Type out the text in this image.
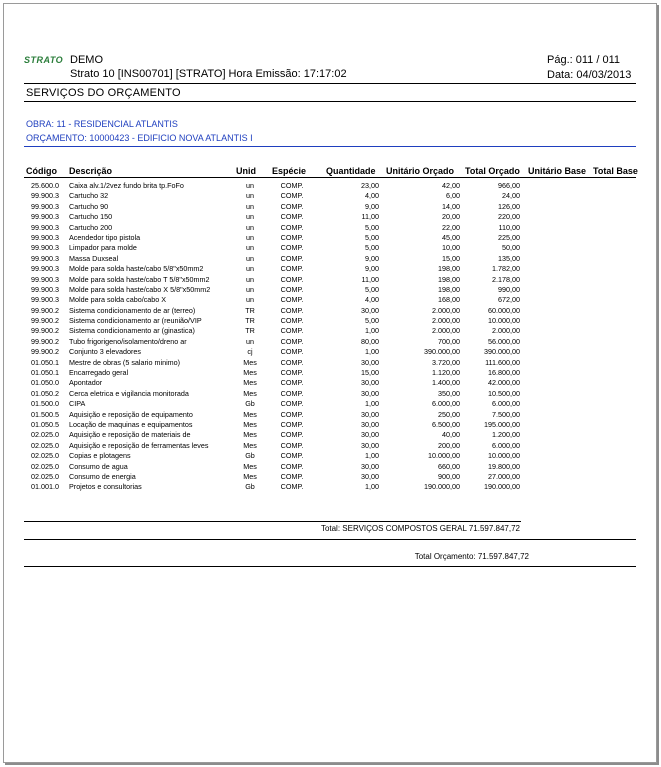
STRATO DEMO
Strato 10 [INS00701] [STRATO] Hora Emissão: 17:17:02
Pág.: 011 / 011
Data: 04/03/2013
SERVIÇOS DO ORÇAMENTO
OBRA: 11 - RESIDENCIAL ATLANTIS
ORÇAMENTO: 10000423 - EDIFICIO NOVA ATLANTIS I
Código Descrição	Unid Espécie Quantidade Unitário Orçado Total Orçado Unitário Base Total Base
25.600.0 Caixa alv.1/2vez fundo brita tp.FoFo	un	COMP.	23,00	42,00	966,00
99.900.3 Cartucho 32	un	COMP.	4,00	6,00	24,00
99.900.3 Cartucho 90	un	COMP.	9,00	14,00	126,00
99.900.3 Cartucho 150	un	COMP.	11,00	20,00	220,00
99.900.3 Cartucho 200	un	COMP.	5,00	22,00	110,00
99.900.3 Acendedor tipo pistola	un	COMP.	5,00	45,00	225,00
99.900.3 Limpador para molde	un	COMP.	5,00	10,00	50,00
99.900.3 Massa Duxseal	un	COMP.	9,00	15,00	135,00
99.900.3 Molde para solda haste/cabo 5/8"x50mm2	un	COMP.	9,00	198,00	1.782,00
99.900.3 Molde para solda haste/cabo T 5/8"x50mm2	un	COMP.	11,00	198,00	2.178,00
99.900.3 Molde para solda haste/cabo X 5/8"x50mm2	un	COMP.	5,00	198,00	990,00
99.900.3 Molde para solda cabo/cabo X	un	COMP.	4,00	168,00	672,00
99.900.2 Sistema condicionamento de ar (terreo)	TR	COMP.	30,00	2.000,00	60.000,00
99.900.2 Sistema condicionamento ar (reunião/VIP	TR	COMP.	5,00	2.000,00	10.000,00
99.900.2 Sistema condicionamento ar (ginastica)	TR	COMP.	1,00	2.000,00	2.000,00
99.900.2 Tubo frigorigeno/isolamento/dreno ar	un	COMP.	80,00	700,00	56.000,00
99.900.2 Conjunto 3 elevadores	cj	COMP.	1,00	390.000,00	390.000,00
01.050.1 Mestre de obras (5 salario minimo)	Mes	COMP.	30,00	3.720,00	111.600,00
01.050.1 Encarregado geral	Mes	COMP.	15,00	1.120,00	16.800,00
01.050.0 Apontador	Mes	COMP.	30,00	1.400,00	42.000,00
01.050.2 Cerca eletrica e vigilancia monitorada	Mes	COMP.	30,00	350,00	10.500,00
01.500.0 CIPA	Gb	COMP.	1,00	6.000,00	6.000,00
01.500.5 Aquisição e reposição de equipamento	Mes	COMP.	30,00	250,00	7.500,00
01.050.5 Locação de maquinas e equipamentos	Mes	COMP.	30,00	6.500,00	195.000,00
02.025.0 Aquisição e reposição de materiais de	Mes	COMP.	30,00	40,00	1.200,00
02.025.0 Aquisição e reposição de ferramentas leves	Mes	COMP.	30,00	200,00	6.000,00
02.025.0 Copias e plotagens	Gb	COMP.	1,00	10.000,00	10.000,00
02.025.0 Consumo de agua	Mes	COMP.	30,00	660,00	19.800,00
02.025.0 Consumo de energia	Mes	COMP.	30,00	900,00	27.000,00
01.001.0 Projetos e consultorias	Gb	COMP.	1,00	190.000,00	190.000,00
Total: SERVIÇOS COMPOSTOS GERAL 71.597.847,72
Total Orçamento: 71.597.847,72
